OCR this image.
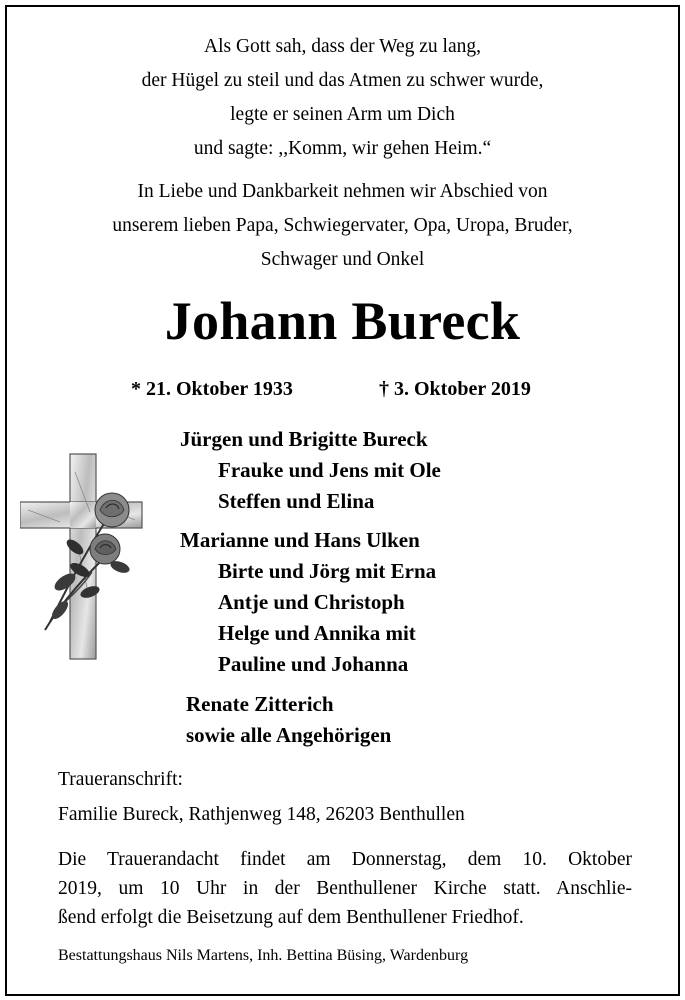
Als Gott sah, dass der Weg zu lang,
der Hügel zu steil und das Atmen zu schwer wurde,
legte er seinen Arm um Dich
und sagte: ,,Komm, wir gehen Heim.“
In Liebe und Dankbarkeit nehmen wir Abschied von
unserem lieben Papa, Schwiegervater, Opa, Uropa, Bruder,
Schwager und Onkel
Johann Bureck
* 21. Oktober 1933	† 3. Oktober 2019
Jürgen und Brigitte Bureck
Frauke und Jens mit Ole
Steffen und Elina
Marianne und Hans Ulken
Birte und Jörg mit Erna
Antje und Christoph
Helge und Annika mit
Pauline und Johanna
Renate Zitterich
sowie alle Angehörigen
Traueranschrift:
Familie Bureck, Rathjenweg 148, 26203 Benthullen
Die Trauerandacht findet am Donnerstag, dem 10. Oktober
2019, um 10 Uhr in der Benthullener Kirche statt. Anschlie-
ßend erfolgt die Beisetzung auf dem Benthullener Friedhof.
Bestattungshaus Nils Martens, Inh. Bettina Büsing, Wardenburg
